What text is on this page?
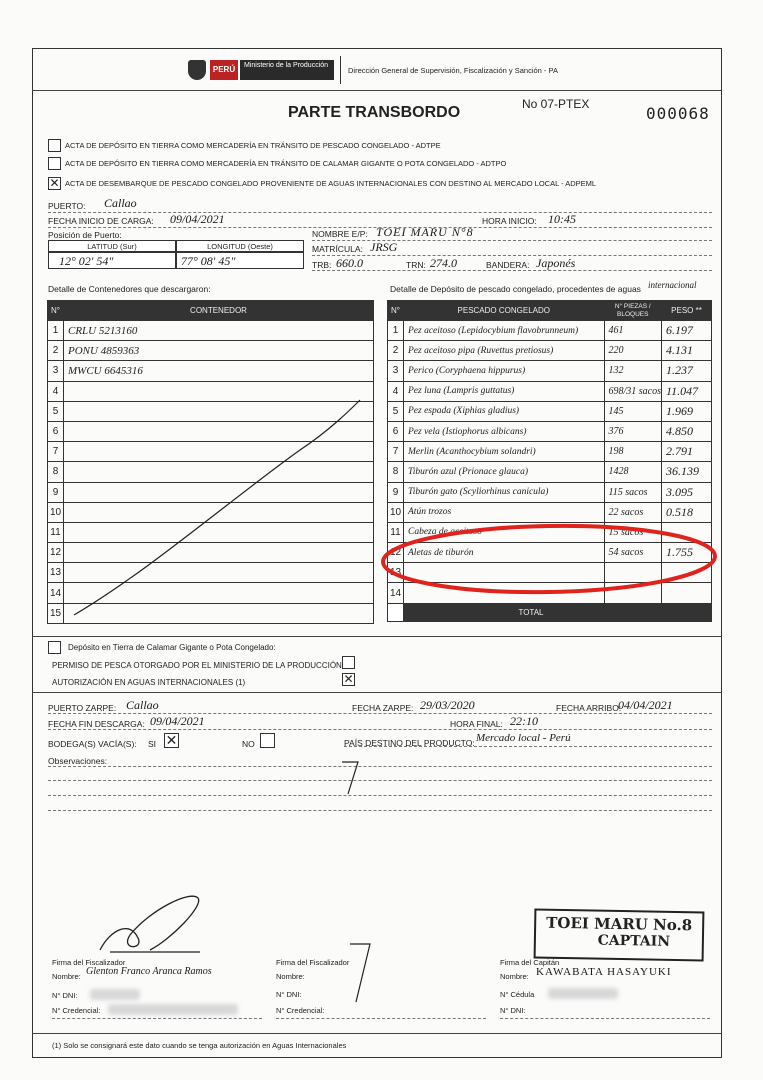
PERÚ	Ministerio de la Producción
Dirección General de Supervisión, Fiscalización y Sanción - PA
PARTE TRANSBORDO	No 07-PTEX	000068
ACTA DE DEPÓSITO EN TIERRA COMO MERCADERÍA EN TRÁNSITO DE PESCADO CONGELADO - ADTPE
ACTA DE DEPÓSITO EN TIERRA COMO MERCADERÍA EN TRÁNSITO DE CALAMAR GIGANTE O POTA CONGELADO - ADTPO
✕ ACTA DE DESEMBARQUE DE PESCADO CONGELADO PROVENIENTE DE AGUAS INTERNACIONALES CON DESTINO AL MERCADO LOCAL - ADPEML
PUERTO: Callao
FECHA INICIO DE CARGA: 09/04/2021	HORA INICIO: 10:45
Posición de Puerto:
LATITUD (Sur)	LONGITUD (Oeste)
12° 02' 54"	77° 08' 45"
NOMBRE E/P: TOEI MARU N°8
MATRÍCULA: JRSG
TRB: 660.0	TRN: 274.0	BANDERA: Japonés
Detalle de Contenedores que descargaron:	Detalle de Depósito de pescado congelado, procedentes de aguas internacional
N°	CONTENEDOR
1	CRLU 5213160
2	PONU 4859363
3	MWCU 6645316
4	
5	
6	
7	
8	
9	
10	
11	
12	
13	
14	
15	
N°	PESCADO CONGELADO	N° PIEZAS / BLOQUES	PESO **
1	Pez aceitoso (Lepidocybium flavobrunneum)	461	6.197
2	Pez aceitoso pipa (Ruvettus pretiosus)	220	4.131
3	Perico (Coryphaena hippurus)	132	1.237
4	Pez luna (Lampris guttatus)	698/31 sacos	11.047
5	Pez espada (Xiphias gladius)	145	1.969
6	Pez vela (Istiophorus albicans)	376	4.850
7	Merlin (Acanthocybium solandri)	198	2.791
8	Tiburón azul (Prionace glauca)	1428	36.139
9	Tiburón gato (Scyliorhinus canicula)	115 sacos	3.095
10	Atún trozos	22 sacos	0.518
11	Cabeza de aceitoso	15 sacos	
12	Aletas de tiburón	54 sacos	1.755
13			
14			
	TOTAL		
Depósito en Tierra de Calamar Gigante o Pota Congelado:
PERMISO DE PESCA OTORGADO POR EL MINISTERIO DE LA PRODUCCIÓN
AUTORIZACIÓN EN AGUAS INTERNACIONALES (1)	✕
PUERTO ZARPE: Callao	FECHA ZARPE: 29/03/2020	FECHA ARRIBO:
04/04/2021
FECHA FIN DESCARGA: 09/04/2021	HORA FINAL: 22:10
BODEGA(S) VACÍA(S): SI ✕	NO	PAÍS DESTINO DEL PRODUCTO: Mercado local - Perú
Observaciones:
Firma del Fiscalizador
Nombre: Glenton Franco Aranca Ramos
N° DNI:
N° Credencial:
Firma del Fiscalizador
Nombre:
N° DNI:
N° Credencial:
TOEI MARU No.8
CAPTAIN
Firma del Capitán
Nombre: KAWABATA HASAYUKI
N° Cédula
N° DNI:
(1) Solo se consignará este dato cuando se tenga autorización en Aguas Internacionales
